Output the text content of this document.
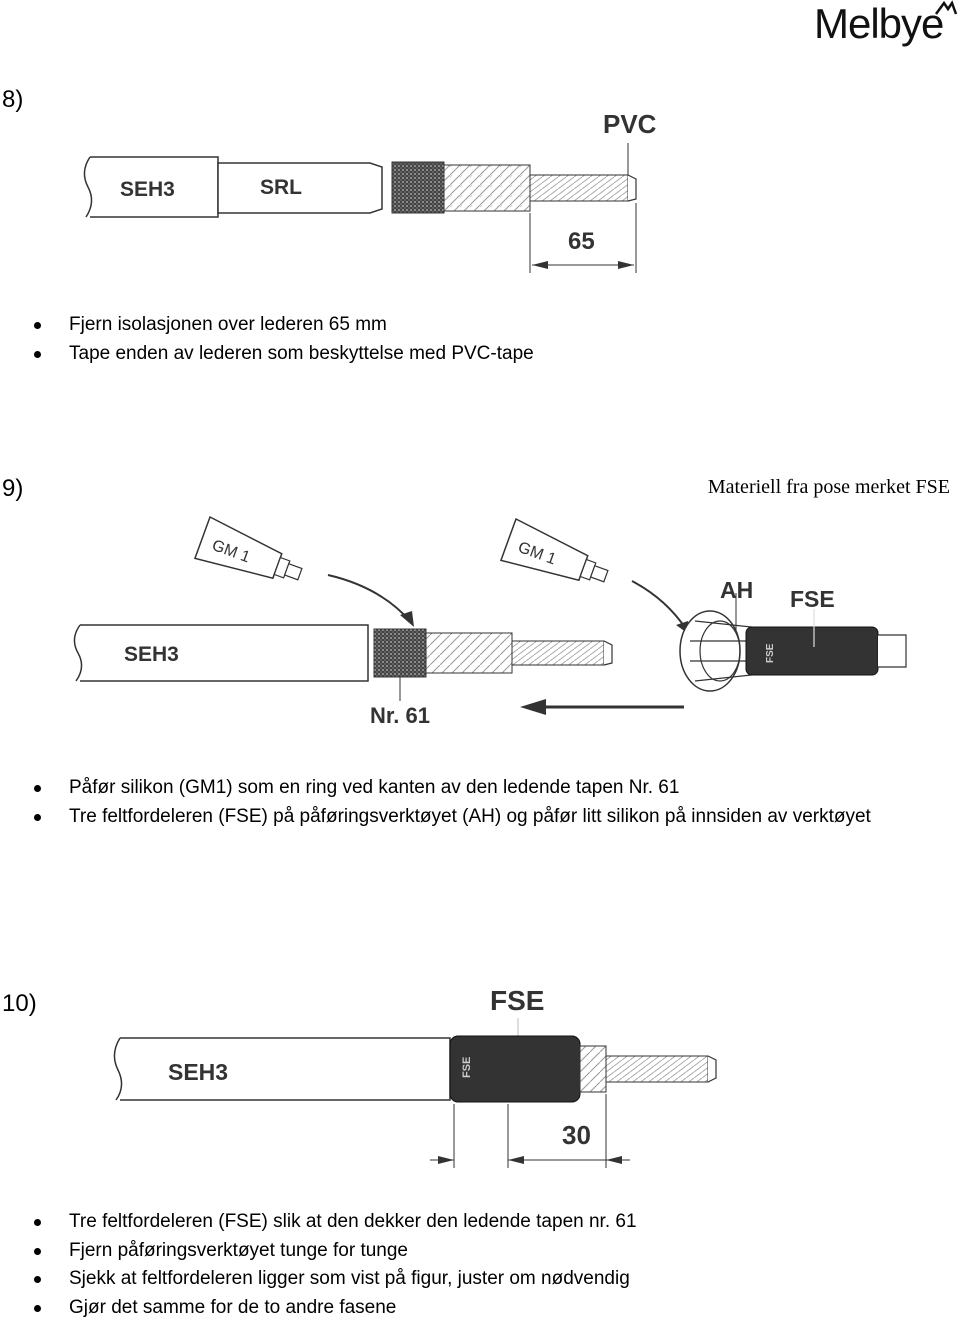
Melbye
8)
SEH3	SRL
PVC
65
Fjern isolasjonen over lederen 65 mm
Tape enden av lederen som beskyttelse med PVC-tape
9)	Materiell fra pose merket FSE
GM 1
SEH3
Nr. 61
GM 1
FSE
AH FSE
Påfør silikon (GM1) som en ring ved kanten av den ledende tapen Nr. 61
Tre feltfordeleren (FSE) på påføringsverktøyet (AH) og påfør litt silikon på innsiden av verktøyet
10)	FSE
SEH3	FSE
30
Tre feltfordeleren (FSE) slik at den dekker den ledende tapen nr. 61
Fjern påføringsverktøyet tunge for tunge
Sjekk at feltfordeleren ligger som vist på figur, juster om nødvendig
Gjør det samme for de to andre fasene
